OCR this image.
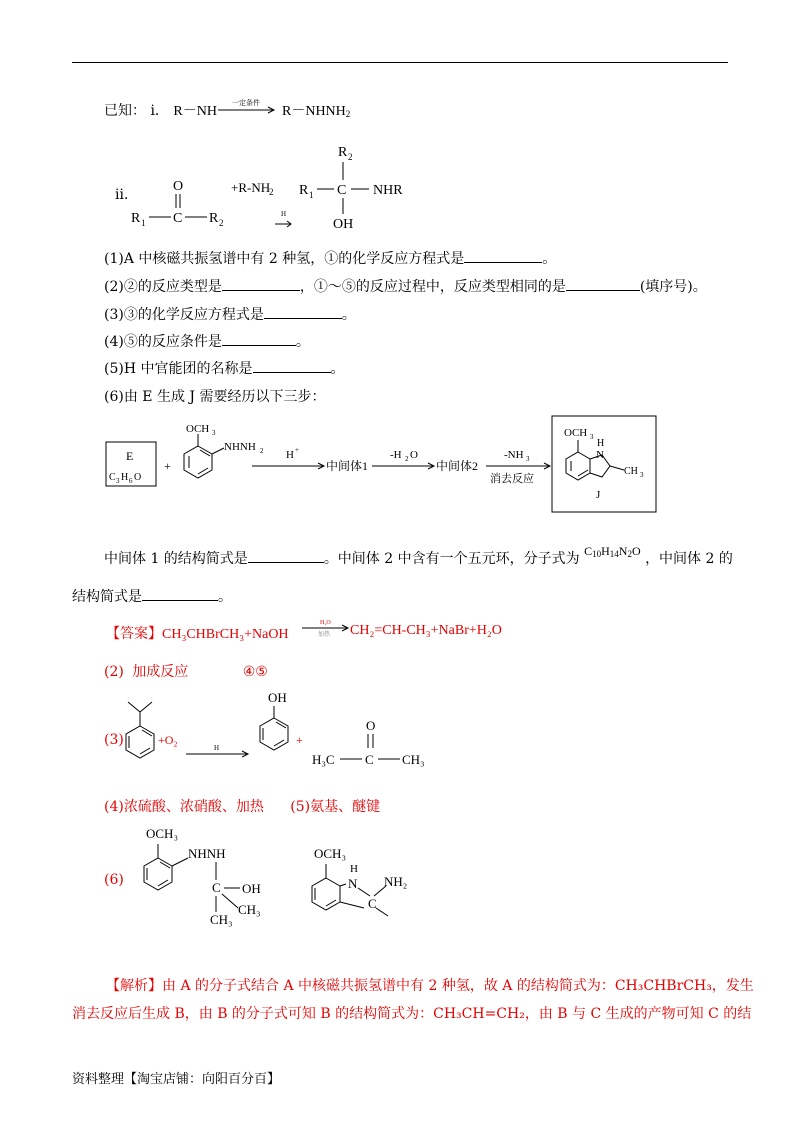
已知： ⅰ． R－NH
一定条件
$R-NHNH_2$
ⅱ．
O
C
R 1	R 2
+R-NH
2
H
R 2
C
R 1	NHR
OH
(1)A 中核磁共振氢谱中有 2 种氢，①的化学反应方程式是	。
(2)②的反应类型是	，①～⑤的反应过程中，反应类型相同的是	(填序号)。
(3)③的化学反应方程式是	。
(4)⑤的反应条件是	。
(5)H 中官能团的名称是	。
(6)由 E 生成 J 需要经历以下三步：
E
C 3 H 6 O
+
OCH 3
NHNH 2 H +
中间体1
-H 2 O
中间体2
-NH 3
消去反应
OCH 3
H
N
CH 3
J
中间体 1 的结构简式是	。中间体 2 中含有一个五元环，分子式为 $C_{10}H_{14}N_2O$ ，中间体 2 的
结构简式是	。
【答案】CH₃CHBrCH₃+NaOH
H₂O
加热 CH₂=CH-CH₃+NaBr+H₂O
(2) 加成反应	④⑤
(3)	+O₂
H
OH
+
O
C
H₃C	CH₃
(4)浓硫酸、浓硝酸、加热 (5)氨基、醚键
(6)
OCH₃
NHNH
C OH
CH₃
CH₃
OCH₃
H
N
C
NH₂
【解析】由 A 的分子式结合 A 中核磁共振氢谱中有 2 种氢，故 A 的结构简式为：CH₃CHBrCH₃，发生
消去反应后生成 B，由 B 的分子式可知 B 的结构简式为：CH₃CH=CH₂，由 B 与 C 生成的产物可知 C 的结
资料整理【淘宝店铺：向阳百分百】
